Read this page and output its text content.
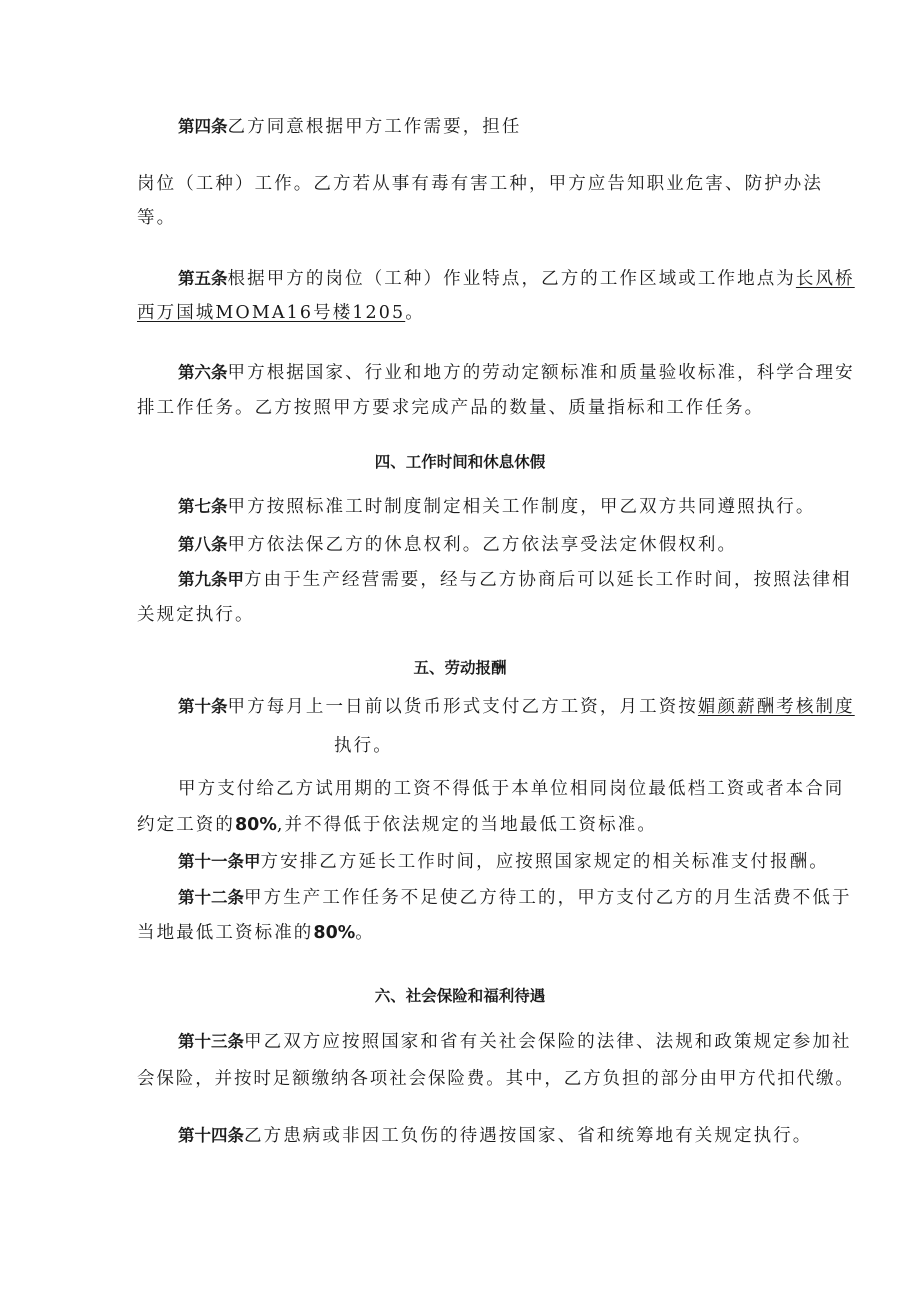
第四条乙方同意根据甲方工作需要，担任
岗位（工种）工作。乙方若从事有毒有害工种，甲方应告知职业危害、防护办法
等。
第五条根据甲方的岗位（工种）作业特点，乙方的工作区域或工作地点为长风桥
西万国城MOMA16号楼1205。
第六条甲方根据国家、行业和地方的劳动定额标准和质量验收标准，科学合理安
排工作任务。乙方按照甲方要求完成产品的数量、质量指标和工作任务。
四、工作时间和休息休假
第七条甲方按照标准工时制度制定相关工作制度，甲乙双方共同遵照执行。
第八条甲方依法保乙方的休息权利。乙方依法享受法定休假权利。
第九条甲方由于生产经营需要，经与乙方协商后可以延长工作时间，按照法律相
关规定执行。
五、劳动报酬
第十条甲方每月上一日前以货币形式支付乙方工资，月工资按媚颜薪酬考核制度
执行。
甲方支付给乙方试用期的工资不得低于本单位相同岗位最低档工资或者本合同
约定工资的80%,并不得低于依法规定的当地最低工资标准。
第十一条甲方安排乙方延长工作时间，应按照国家规定的相关标准支付报酬。
第十二条甲方生产工作任务不足使乙方待工的，甲方支付乙方的月生活费不低于
当地最低工资标准的80%。
六、社会保险和福利待遇
第十三条甲乙双方应按照国家和省有关社会保险的法律、法规和政策规定参加社
会保险，并按时足额缴纳各项社会保险费。其中，乙方负担的部分由甲方代扣代缴。
第十四条乙方患病或非因工负伤的待遇按国家、省和统筹地有关规定执行。
